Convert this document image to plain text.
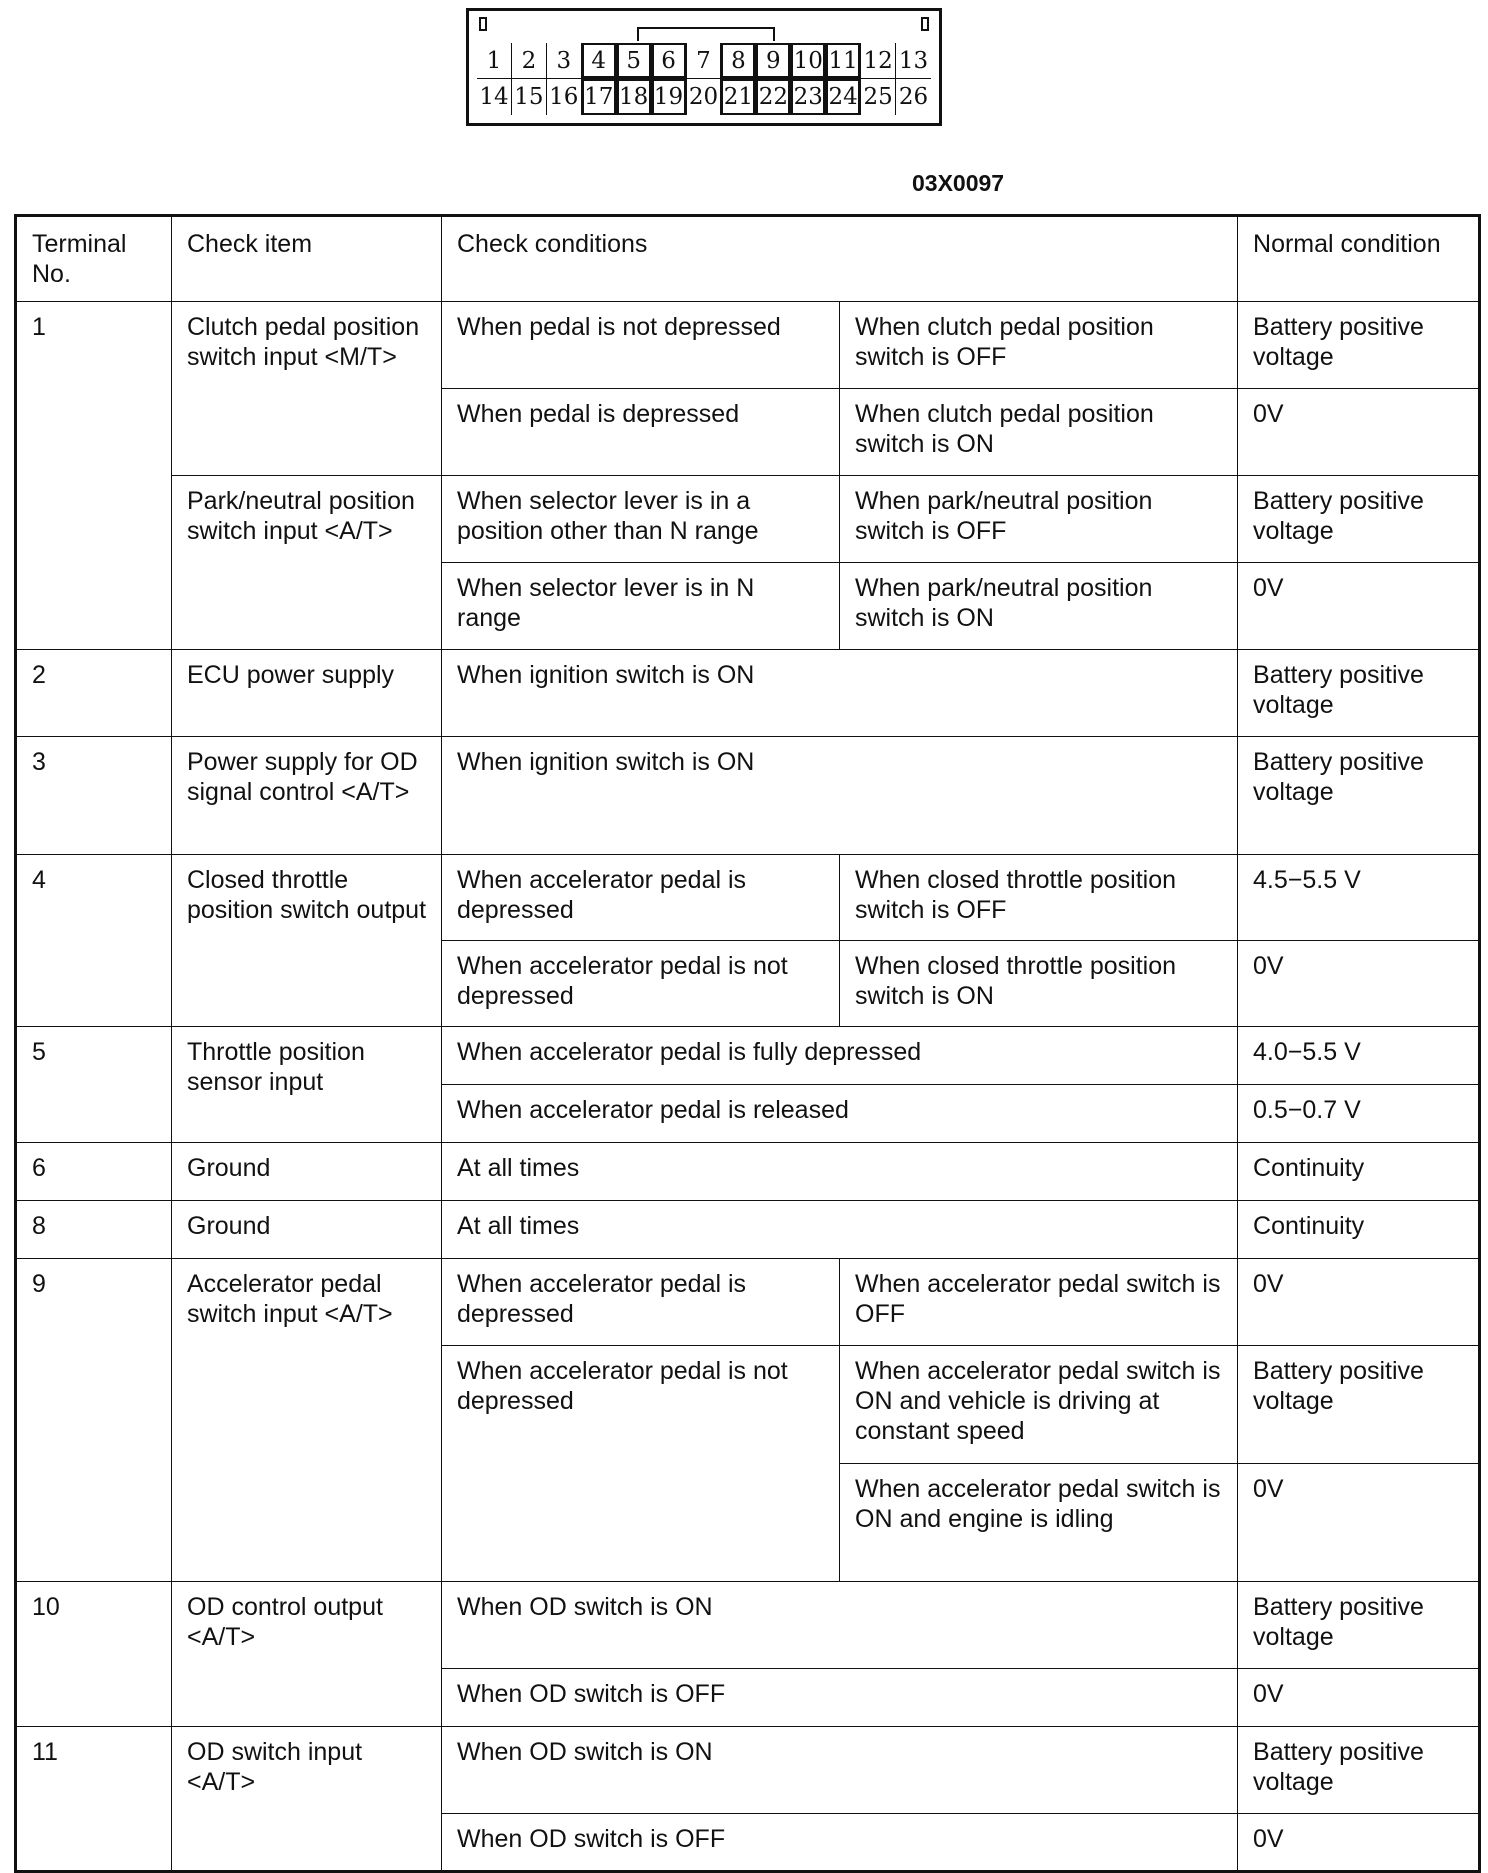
1 2 3 4 5 6 7 8 9 10 11 12 13
14 15 16 17 18 19 20 21 22 23 24 25 26
03X0097
Terminal No.	Check item	Check conditions		Normal condition
1	Clutch pedal position switch input <M/T>	When pedal is not depressed	When clutch pedal position switch is OFF	Battery positive voltage
		When pedal is depressed	When clutch pedal position switch is ON	0V
	Park/neutral position switch input <A/T>	When selector lever is in a position other than N range	When park/neutral position switch is OFF	Battery positive voltage
		When selector lever is in N range	When park/neutral position switch is ON	0V
2	ECU power supply	When ignition switch is ON		Battery positive voltage
3	Power supply for OD signal control <A/T>	When ignition switch is ON		Battery positive voltage
4	Closed throttle position switch output	When accelerator pedal is depressed	When closed throttle position switch is OFF	4.5−5.5 V
		When accelerator pedal is not depressed	When closed throttle position switch is ON	0V
5	Throttle position sensor input	When accelerator pedal is fully depressed		4.0−5.5 V
		When accelerator pedal is released		0.5−0.7 V
6	Ground	At all times		Continuity
8	Ground	At all times		Continuity
9	Accelerator pedal switch input <A/T>	When accelerator pedal is depressed	When accelerator pedal switch is OFF	0V
		When accelerator pedal is not depressed	When accelerator pedal switch is ON and vehicle is driving at constant speed	Battery positive voltage
			When accelerator pedal switch is ON and engine is idling	0V
10	OD control output <A/T>	When OD switch is ON		Battery positive voltage
		When OD switch is OFF		0V
11	OD switch input <A/T>	When OD switch is ON		Battery positive voltage
		When OD switch is OFF		0V
